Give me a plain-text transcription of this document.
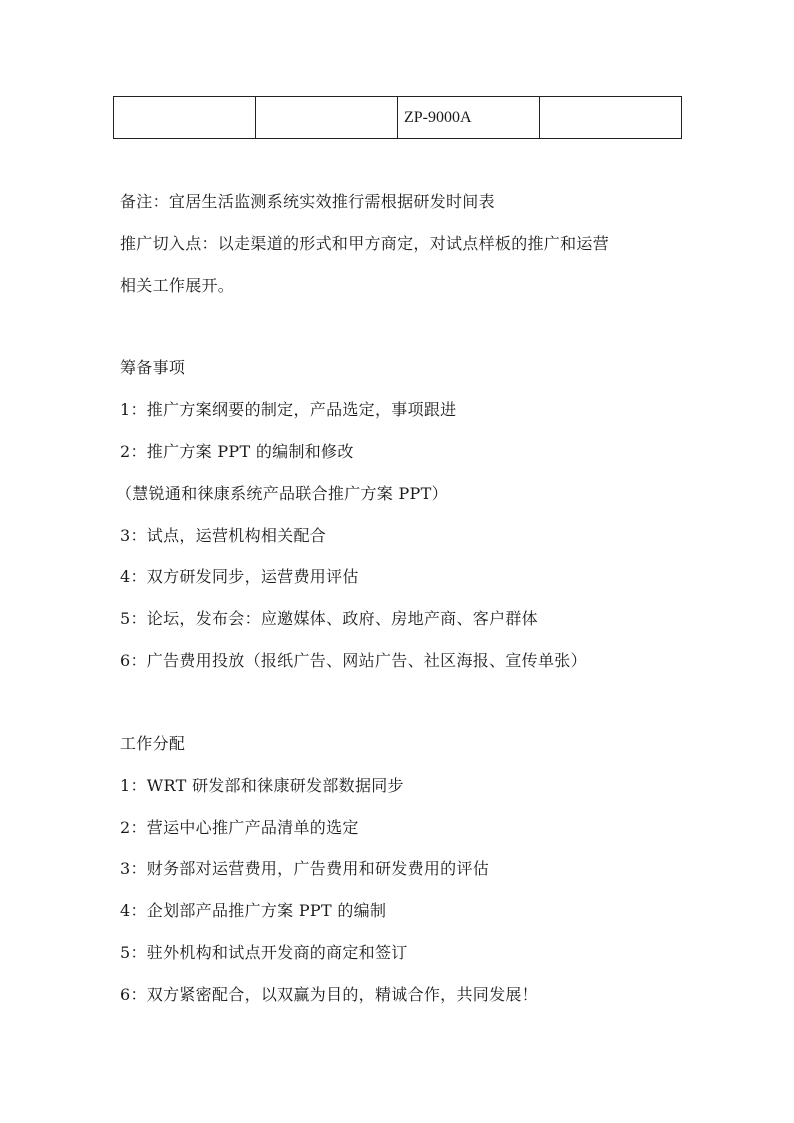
		ZP-9000A	
备注：宜居生活监测系统实效推行需根据研发时间表
推广切入点：以走渠道的形式和甲方商定，对试点样板的推广和运营
相关工作展开。
筹备事项
1：推广方案纲要的制定，产品选定，事项跟进
2：推广方案 PPT 的编制和修改
（慧锐通和徕康系统产品联合推广方案 PPT）
3：试点，运营机构相关配合
4：双方研发同步，运营费用评估
5：论坛，发布会：应邀媒体、政府、房地产商、客户群体
6：广告费用投放（报纸广告、网站广告、社区海报、宣传单张）
工作分配
1：WRT 研发部和徕康研发部数据同步
2：营运中心推广产品清单的选定
3：财务部对运营费用，广告费用和研发费用的评估
4：企划部产品推广方案 PPT 的编制
5：驻外机构和试点开发商的商定和签订
6：双方紧密配合，以双赢为目的，精诚合作，共同发展！
